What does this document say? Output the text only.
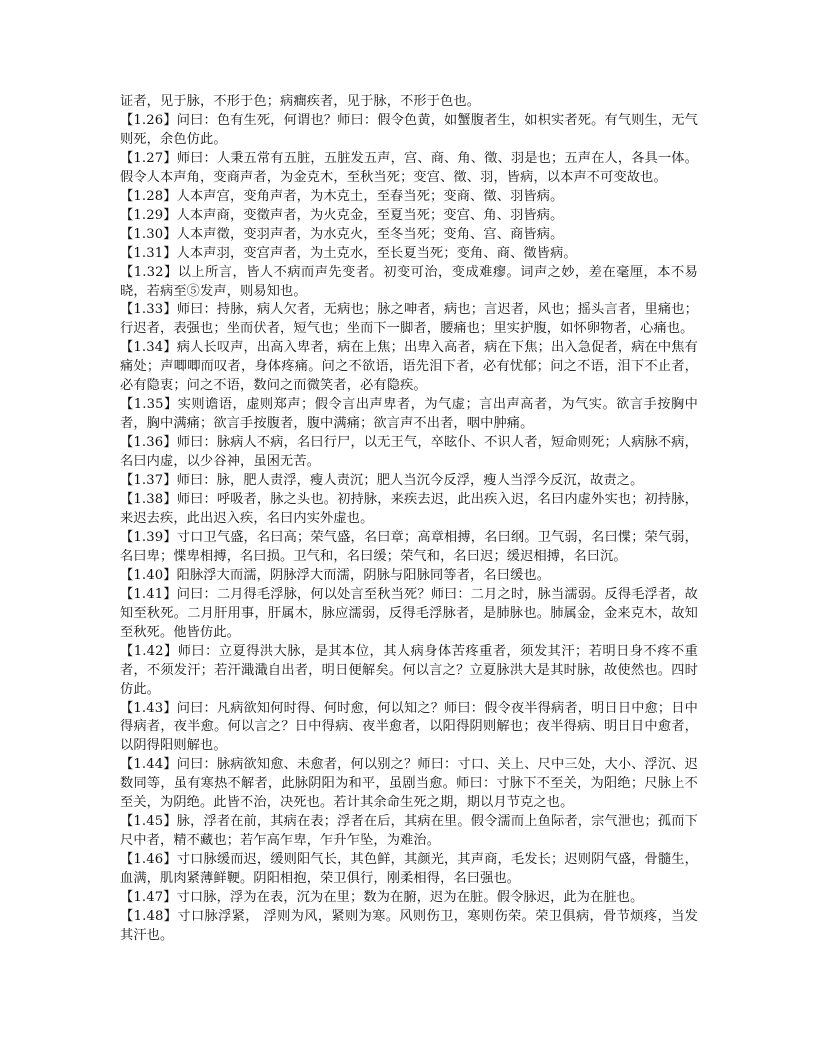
证者，见于脉，不形于色；病癎疾者，见于脉，不形于色也。

【1.26】问曰：色有生死，何谓也？师曰：假令色黄，如蟹腹者生，如枳实者死。有气则生，无气则死，余色仿此。

【1.27】师曰：人秉五常有五脏，五脏发五声，宫、商、角、徵、羽是也；五声在人，各具一体。假令人本声角，变商声者，为金克木，至秋当死；变宫、徵、羽，皆病，以本声不可变故也。

【1.28】人本声宫，变角声者，为木克土，至春当死；变商、徵、羽皆病。

【1.29】人本声商，变徵声者，为火克金，至夏当死；变宫、角、羽皆病。

【1.30】人本声徵，变羽声者，为水克火，至冬当死；变角、宫、商皆病。

【1.31】人本声羽，变宫声者，为土克水，至长夏当死；变角、商、徵皆病。

【1.32】以上所言，皆人不病而声先变者。初变可治，变成难瘳。词声之妙，差在毫厘，本不易晓，若病至⑤发声，则易知也。

【1.33】师曰：持脉，病人欠者，无病也；脉之呻者，病也；言迟者，风也；摇头言者，里痛也；行迟者，表强也；坐而伏者，短气也；坐而下一脚者，腰痛也；里实护腹，如怀卵物者，心痛也。

【1.34】病人长叹声，出高入卑者，病在上焦；出卑入高者，病在下焦；出入急促者，病在中焦有痛处；声唧唧而叹者，身体疼痛。问之不欲语，语先泪下者，必有忧郁；问之不语，泪下不止者，必有隐衷；问之不语，数问之而微笑者，必有隐疾。

【1.35】实则谵语，虚则郑声；假令言出声卑者，为气虚；言出声高者，为气实。欲言手按胸中者，胸中满痛；欲言手按腹者，腹中满痛；欲言声不出者，咽中肿痛。

【1.36】师曰：脉病人不病，名曰行尸，以无王气，卒眩仆、不识人者，短命则死；人病脉不病，名曰内虚，以少谷神，虽困无苦。

【1.37】师曰：脉，肥人责浮，瘦人责沉；肥人当沉今反浮，瘦人当浮今反沉，故责之。

【1.38】师曰：呼吸者，脉之头也。初持脉，来疾去迟，此出疾入迟，名曰内虚外实也；初持脉，来迟去疾，此出迟入疾，名曰内实外虚也。

【1.39】寸口卫气盛，名曰高；荣气盛，名曰章；高章相搏，名曰纲。卫气弱，名曰惵；荣气弱，名曰卑；惵卑相搏，名曰损。卫气和，名曰缓；荣气和，名曰迟；缓迟相搏，名曰沉。

【1.40】阳脉浮大而濡，阴脉浮大而濡，阴脉与阳脉同等者，名曰缓也。

【1.41】问曰：二月得毛浮脉，何以处言至秋当死？师曰：二月之时，脉当濡弱。反得毛浮者，故知至秋死。二月肝用事，肝属木，脉应濡弱，反得毛浮脉者，是肺脉也。肺属金，金来克木，故知至秋死。他皆仿此。

【1.42】师曰：立夏得洪大脉，是其本位，其人病身体苦疼重者，须发其汗；若明日身不疼不重者，不须发汗；若汗濈濈自出者，明日便解矣。何以言之？立夏脉洪大是其时脉，故使然也。四时仿此。

【1.43】问曰：凡病欲知何时得、何时愈，何以知之？师曰：假令夜半得病者，明日日中愈；日中得病者，夜半愈。何以言之？日中得病、夜半愈者，以阳得阴则解也；夜半得病、明日日中愈者，以阴得阳则解也。

【1.44】问曰：脉病欲知愈、未愈者，何以别之？师曰：寸口、关上、尺中三处，大小、浮沉、迟数同等，虽有寒热不解者，此脉阴阳为和平，虽剧当愈。师曰：寸脉下不至关，为阳绝；尺脉上不至关，为阴绝。此皆不治，决死也。若计其余命生死之期，期以月节克之也。

【1.45】脉，浮者在前，其病在表；浮者在后，其病在里。假令濡而上鱼际者，宗气泄也；孤而下尺中者，精不藏也；若乍高乍卑，乍升乍坠，为难治。

【1.46】寸口脉缓而迟，缓则阳气长，其色鲜，其颜光，其声商，毛发长；迟则阴气盛，骨髓生，血满，肌肉紧薄鲜鞕。阴阳相抱，荣卫俱行，刚柔相得，名曰强也。

【1.47】寸口脉，浮为在表，沉为在里；数为在腑，迟为在脏。假令脉迟，此为在脏也。

【1.48】寸口脉浮紧， 浮则为风，紧则为寒。风则伤卫，寒则伤荣。荣卫俱病，骨节烦疼，当发其汗也。
